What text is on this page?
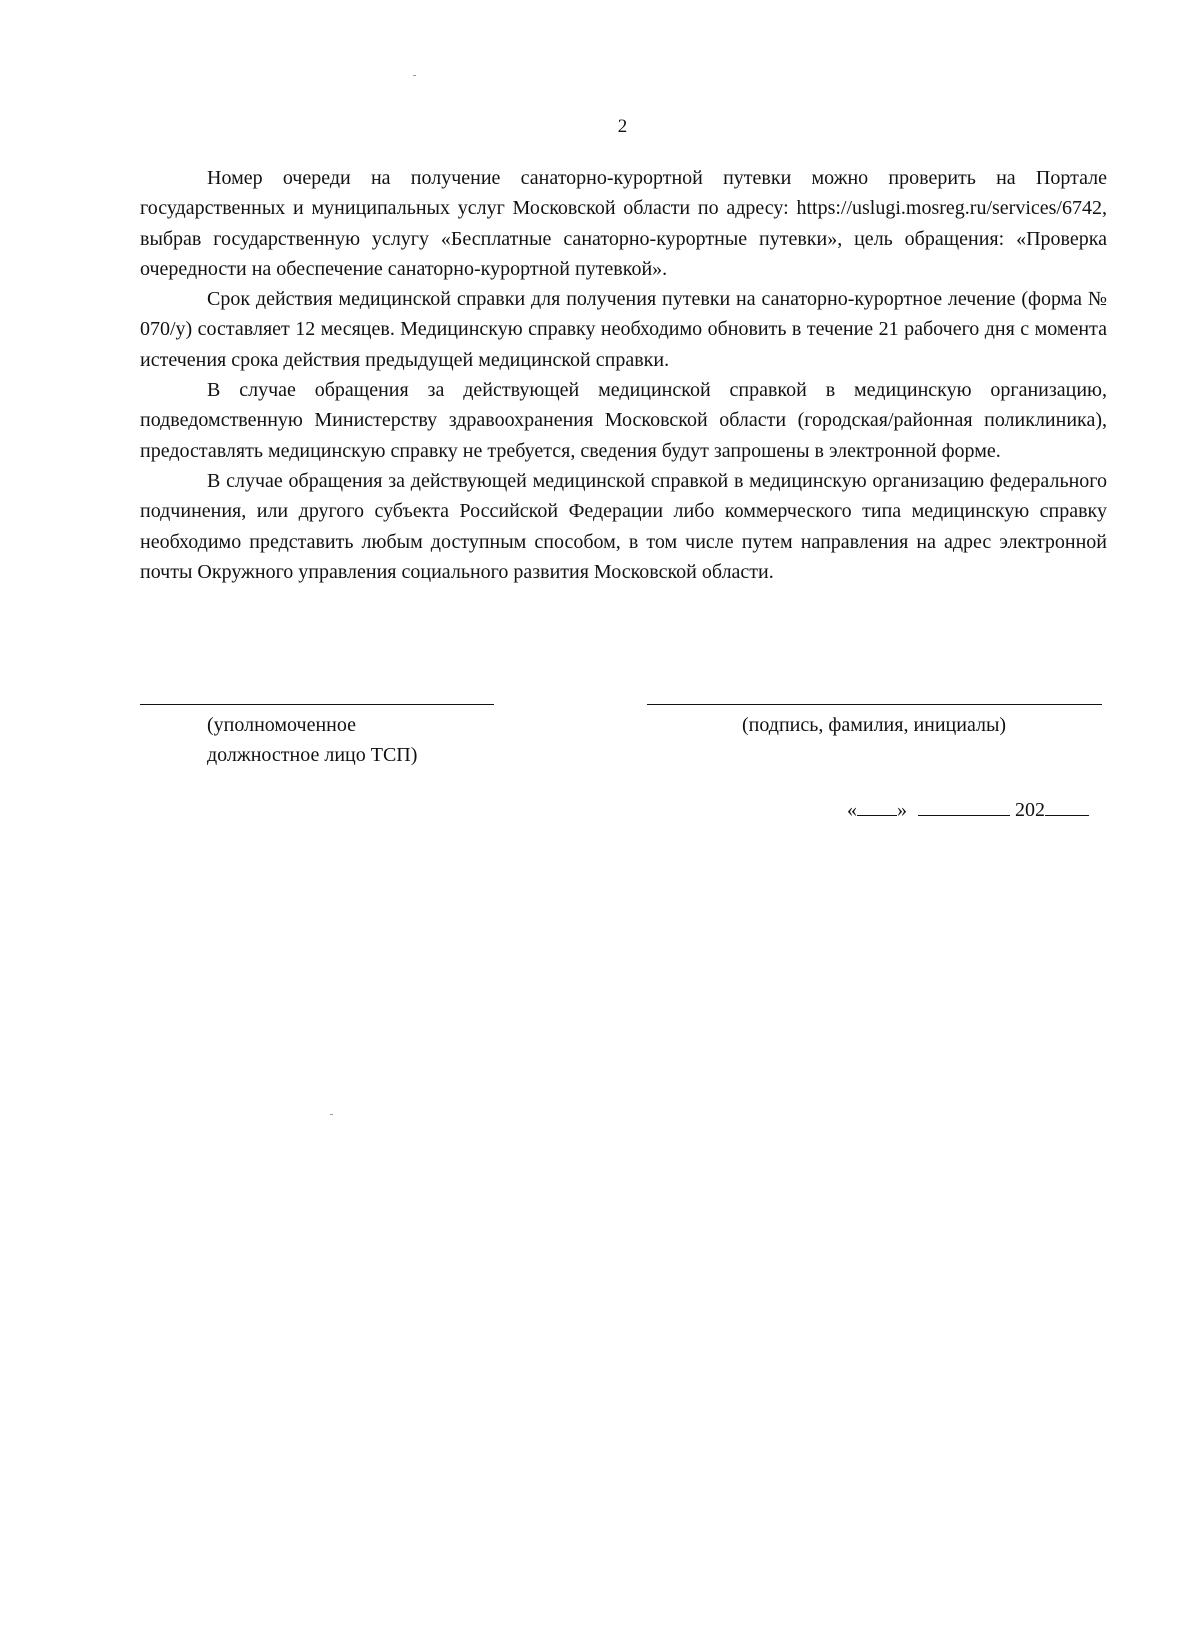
2

Номер очереди на получение санаторно-курортной путевки можно проверить на Портале государственных и муниципальных услуг Московской области по адресу: https://uslugi.mosreg.ru/services/6742, выбрав государственную услугу «Бесплатные санаторно-курортные путевки», цель обращения: «Проверка очередности на обеспечение санаторно-курортной путевкой».

Срок действия медицинской справки для получения путевки на санаторно-курортное лечение (форма № 070/у) составляет 12 месяцев. Медицинскую справку необходимо обновить в течение 21 рабочего дня с момента истечения срока действия предыдущей медицинской справки.

В случае обращения за действующей медицинской справкой в медицинскую организацию, подведомственную Министерству здравоохранения Московской области (городская/районная поликлиника), предоставлять медицинскую справку не требуется, сведения будут запрошены в электронной форме.

В случае обращения за действующей медицинской справкой в медицинскую организацию федерального подчинения, или другого субъекта Российской Федерации либо коммерческого типа медицинскую справку необходимо представить любым доступным способом, в том числе путем направления на адрес электронной почты Окружного управления социального развития Московской области.

(уполномоченное
должностное лицо ТСП)
(подпись, фамилия, инициалы)
« »	202
